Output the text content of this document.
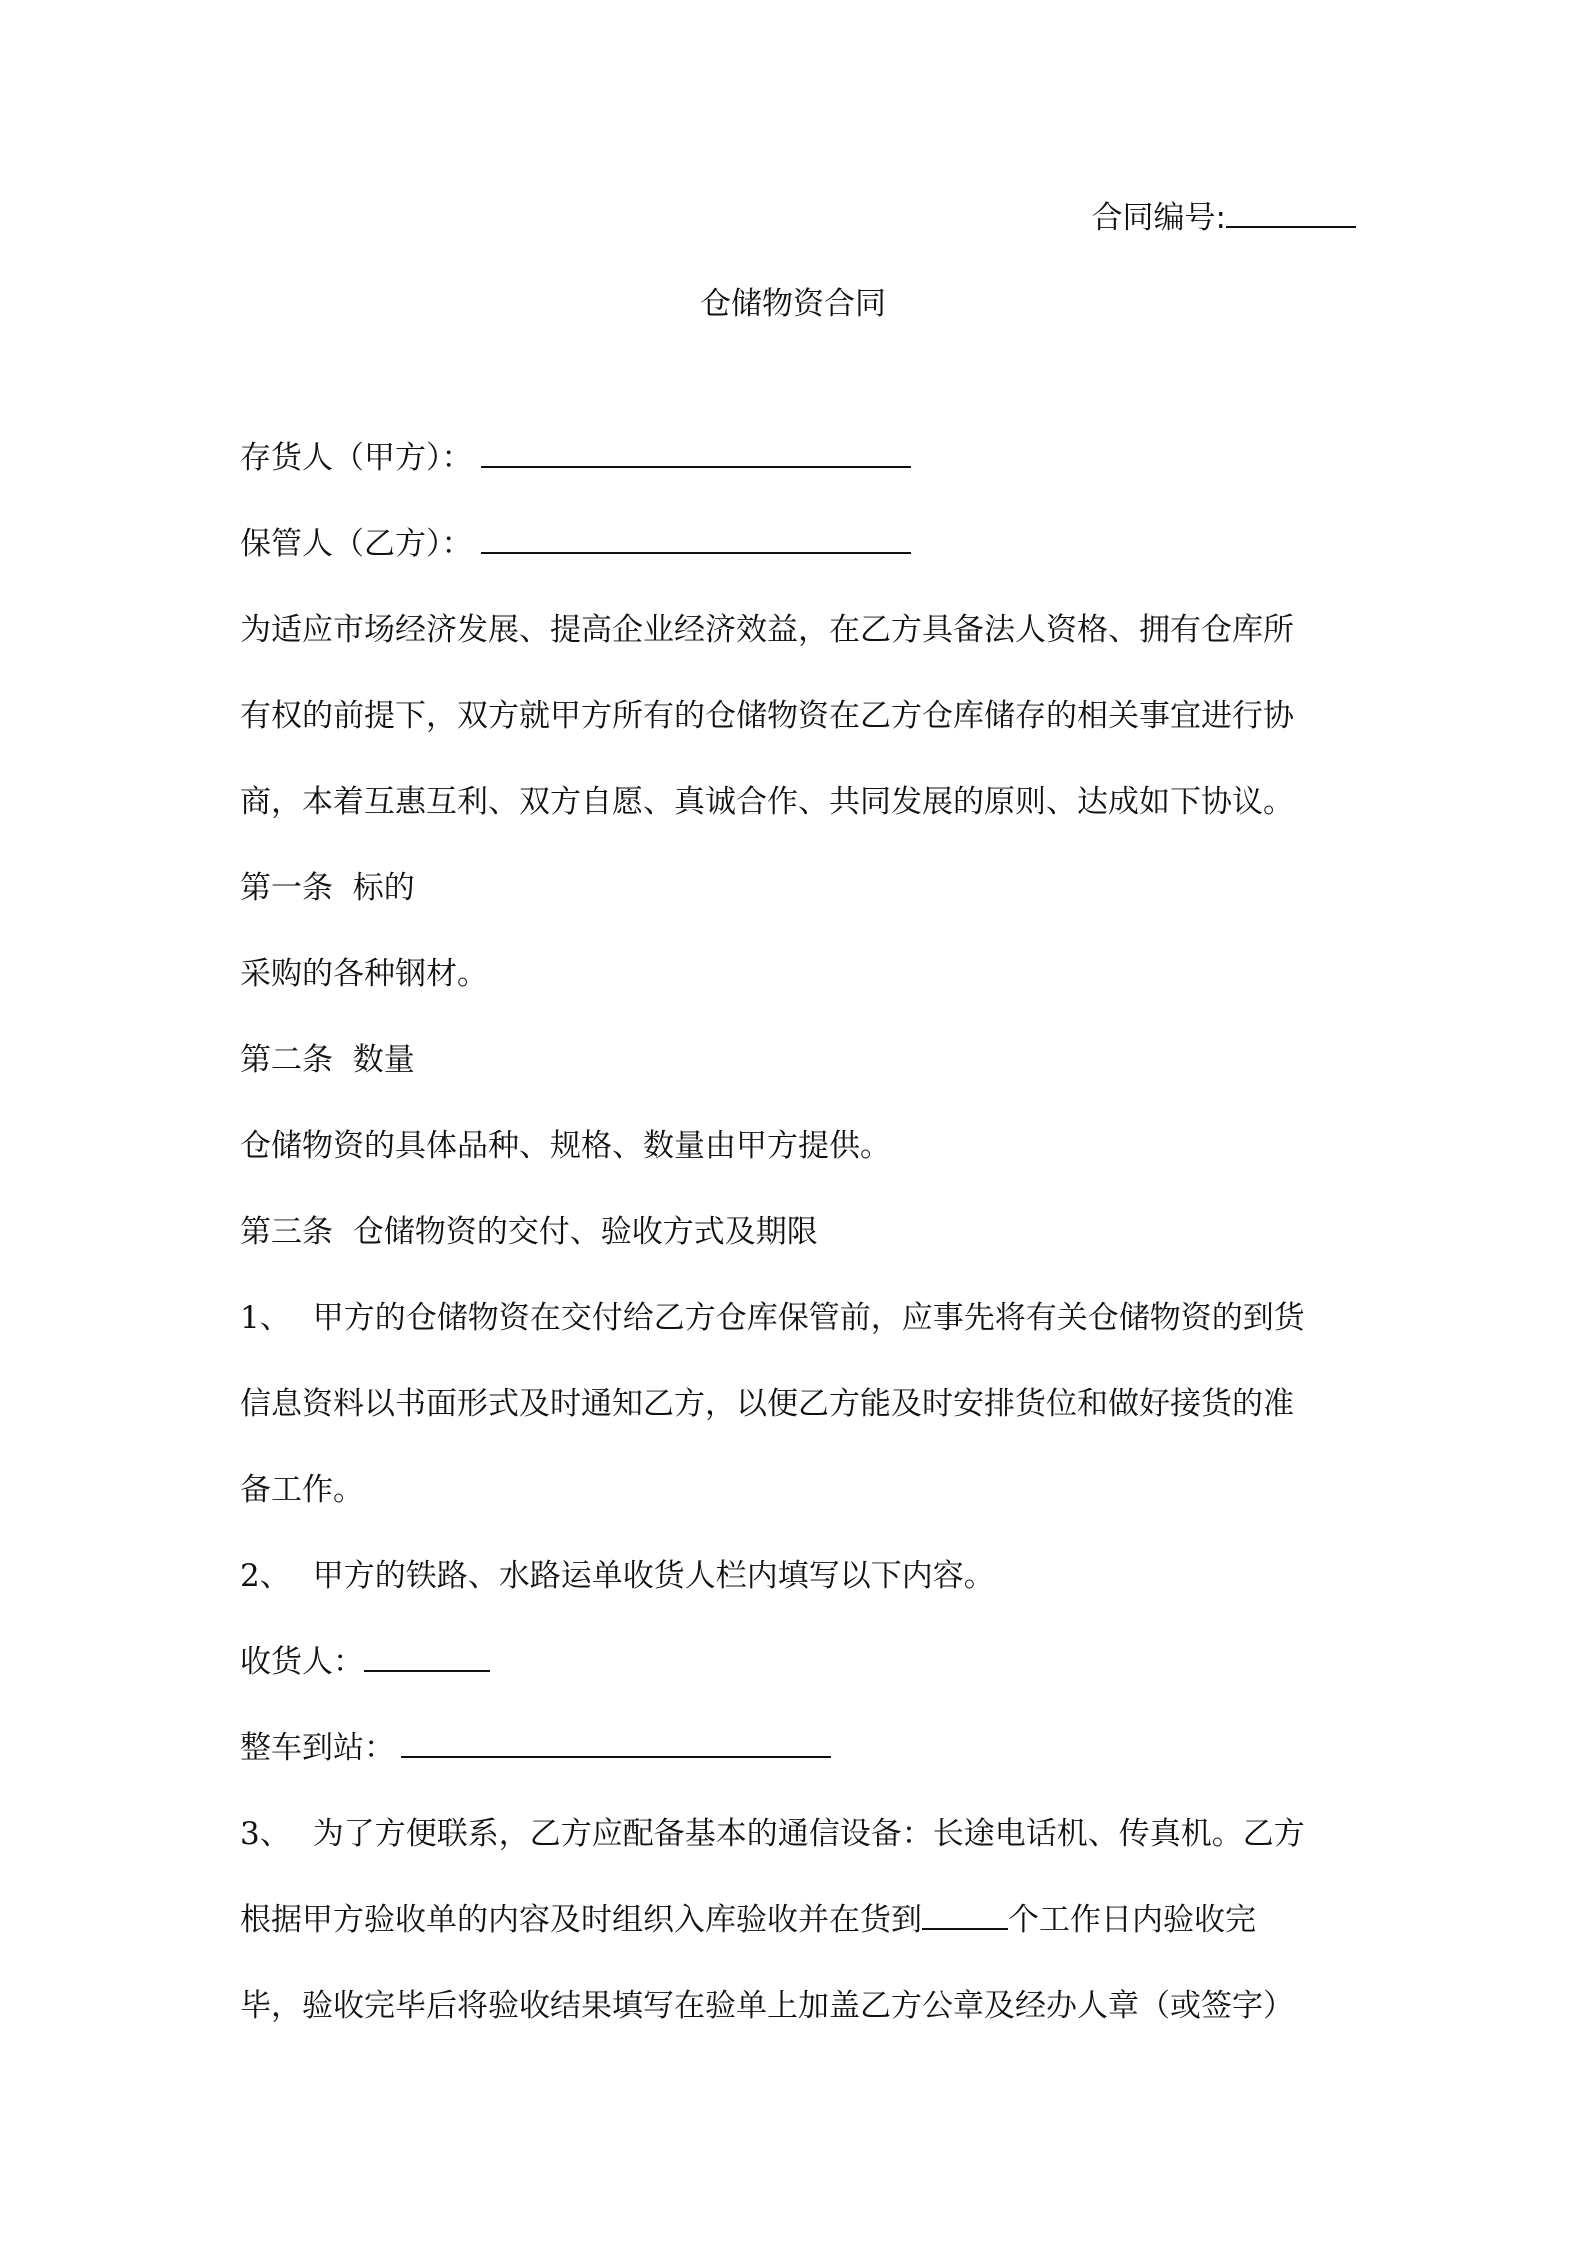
合同编号:
仓储物资合同
存货人（甲方）：
保管人（乙方）：
为适应市场经济发展、提高企业经济效益，在乙方具备法人资格、拥有仓库所
有权的前提下，双方就甲方所有的仓储物资在乙方仓库储存的相关事宜进行协
商，本着互惠互利、双方自愿、真诚合作、共同发展的原则、达成如下协议。
第一条  标的
采购的各种钢材。
第二条  数量
仓储物资的具体品种、规格、数量由甲方提供。
第三条  仓储物资的交付、验收方式及期限
1、 甲方的仓储物资在交付给乙方仓库保管前，应事先将有关仓储物资的到货
信息资料以书面形式及时通知乙方，以便乙方能及时安排货位和做好接货的准
备工作。
2、 甲方的铁路、水路运单收货人栏内填写以下内容。
收货人：
整车到站：
3、 为了方便联系，乙方应配备基本的通信设备：长途电话机、传真机。乙方
根据甲方验收单的内容及时组织入库验收并在货到	个工作日内验收完
毕，验收完毕后将验收结果填写在验单上加盖乙方公章及经办人章（或签字）
